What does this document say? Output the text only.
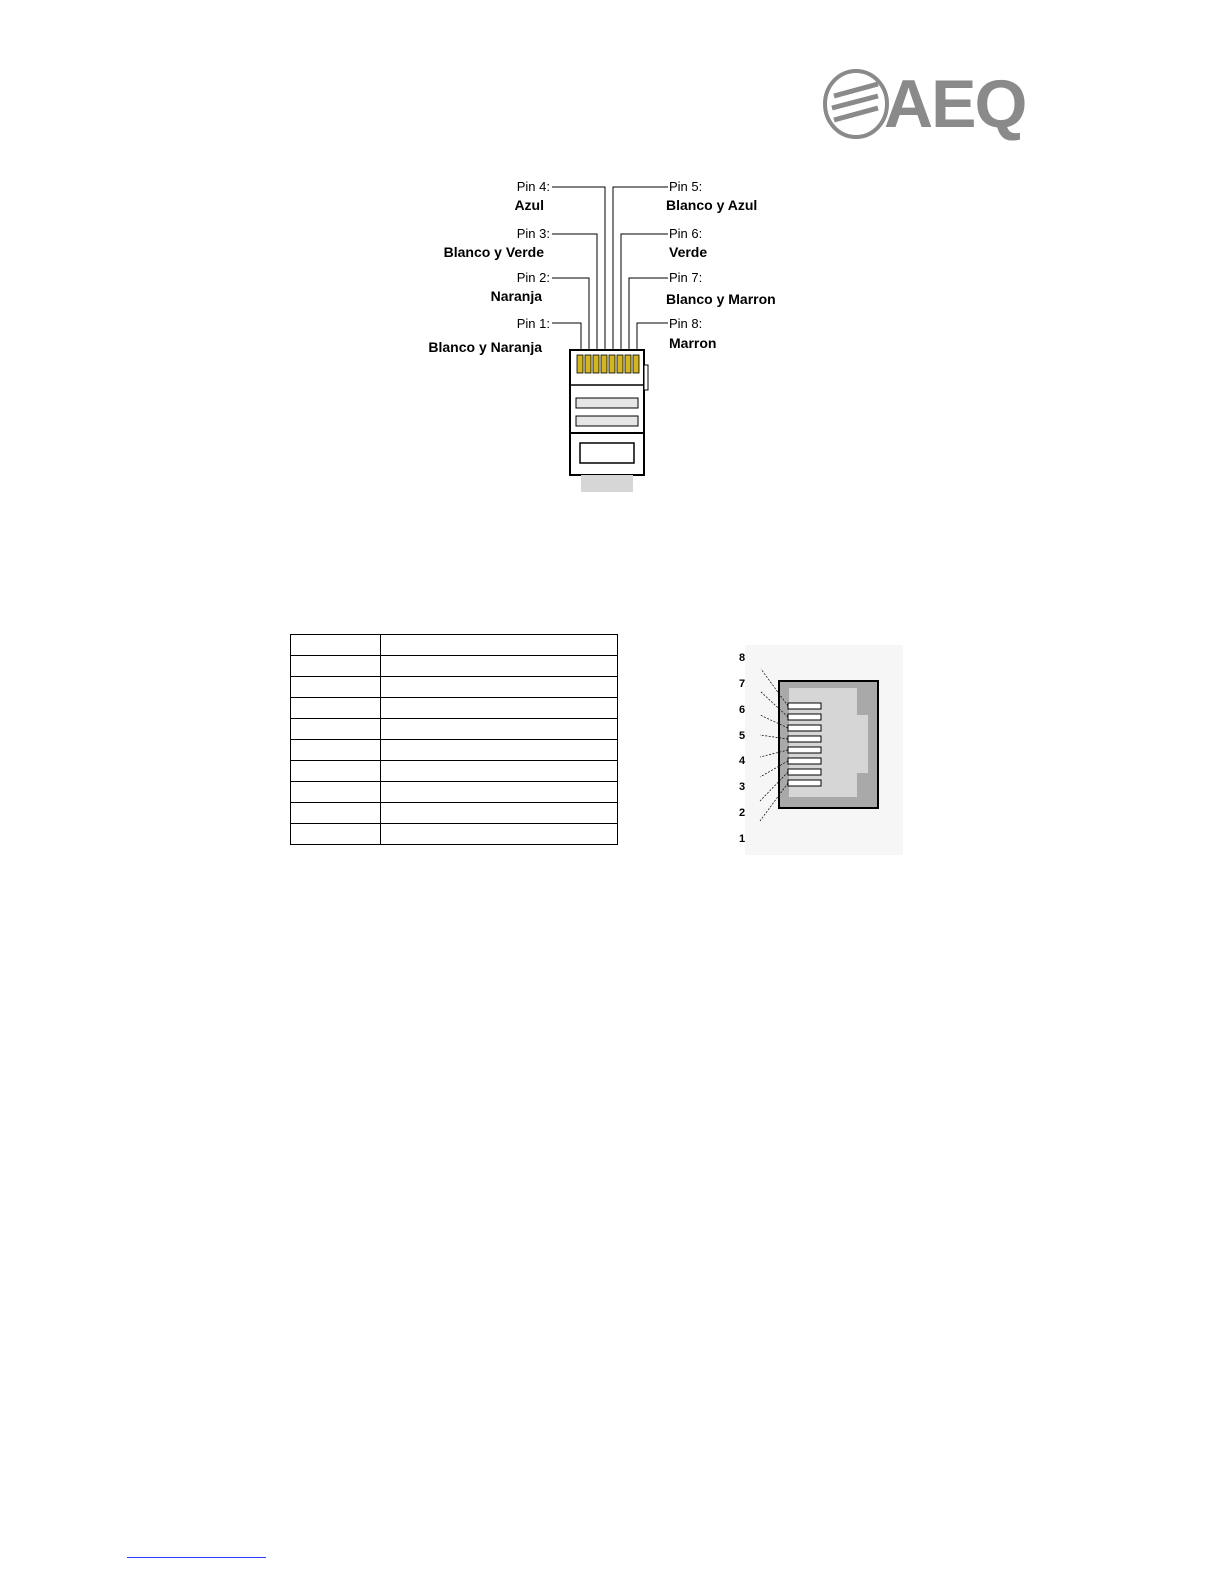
AEQ
Pin 4:
Azul
Pin 3:
Blanco y Verde
Pin 2:
Naranja
Pin 1:
Blanco y Naranja
Pin 5:
Blanco y Azul
Pin 6:
Verde
Pin 7:
Blanco y Marron
Pin 8:
Marron

8
7
6
5
4
3
2
1
